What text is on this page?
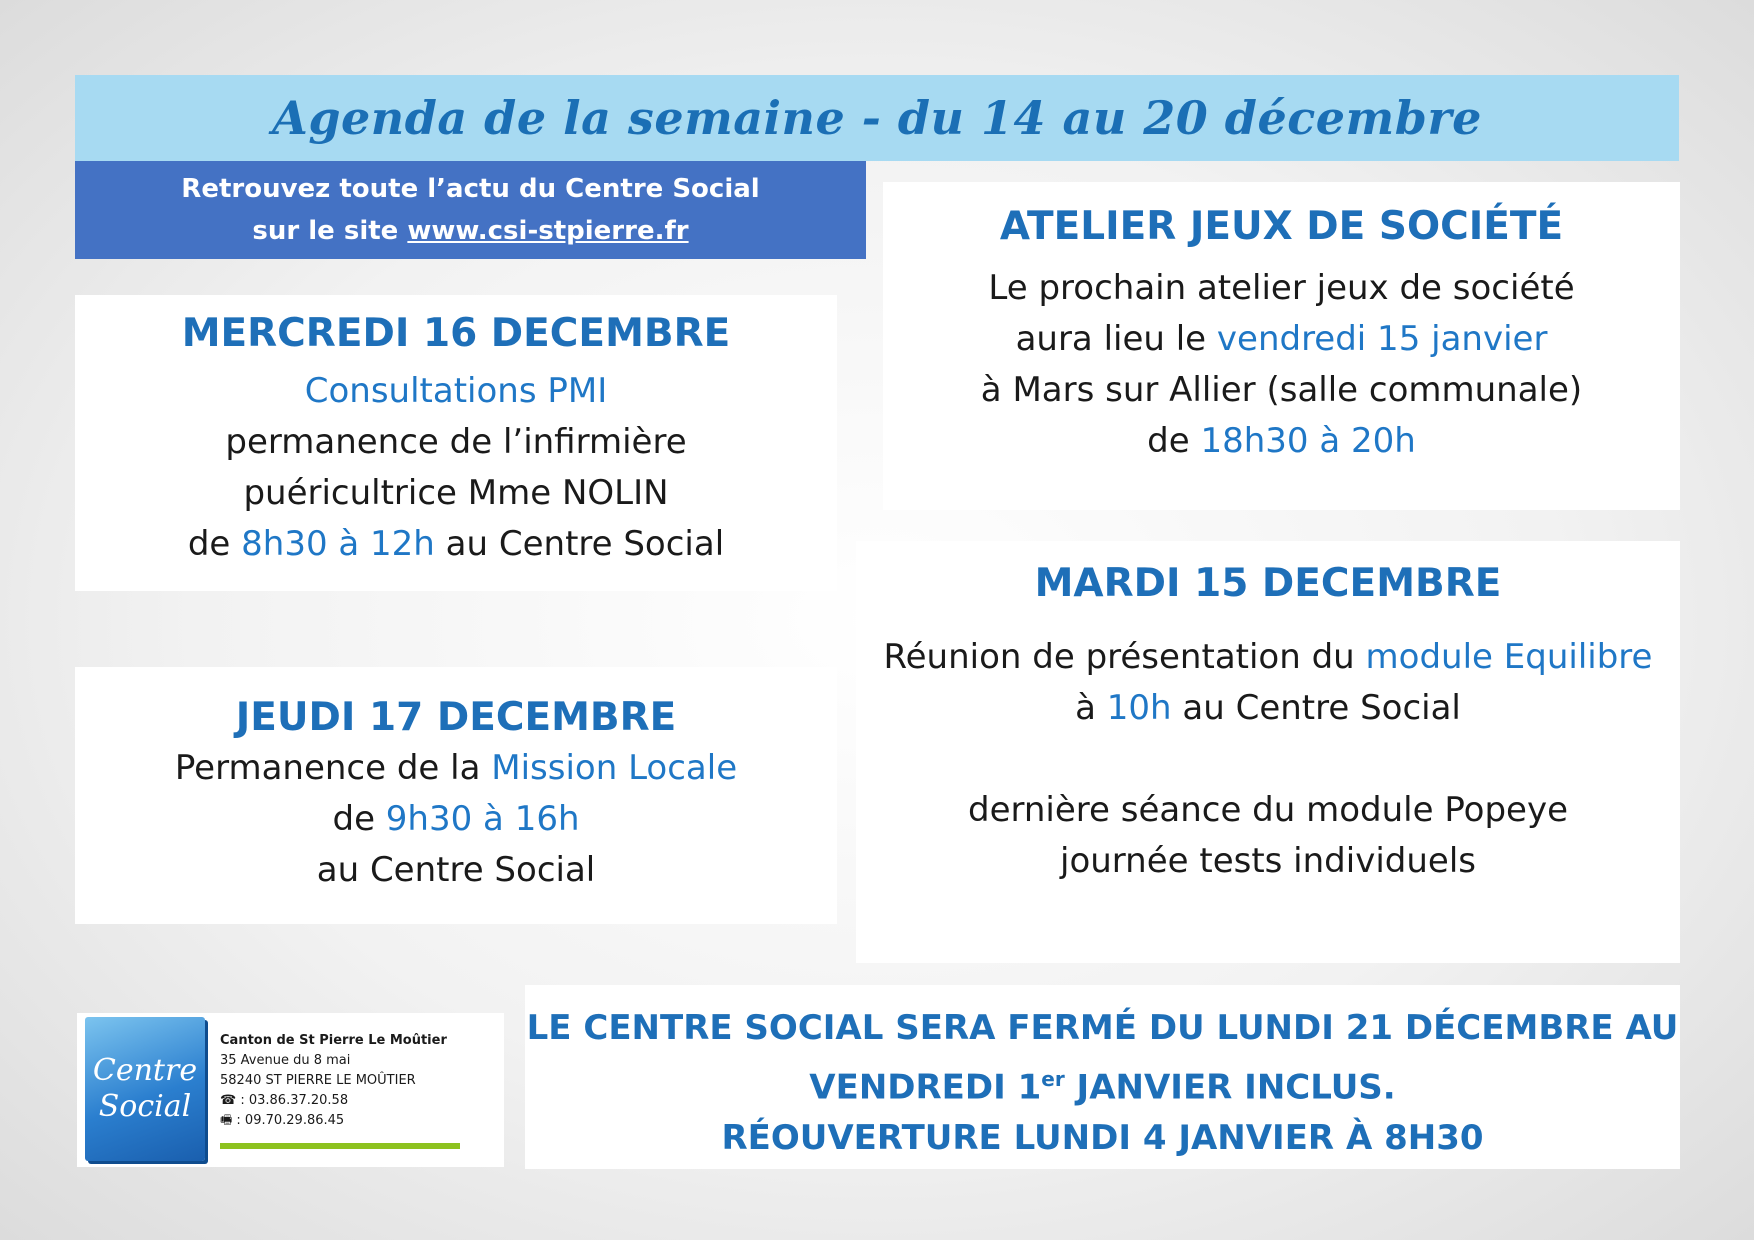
Agenda de la semaine - du 14 au 20 décembre
Retrouvez toute l’actu du Centre Social
sur le site www.csi-stpierre.fr
MERCREDI 16 DECEMBRE
Consultations PMI
permanence de l’infirmière
puéricultrice Mme NOLIN
de 8h30 à 12h au Centre Social
JEUDI 17 DECEMBRE
Permanence de la Mission Locale
de 9h30 à 16h
au Centre Social
ATELIER JEUX DE SOCIÉTÉ
Le prochain atelier jeux de société
aura lieu le vendredi 15 janvier
à Mars sur Allier (salle communale)
de 18h30 à 20h
MARDI 15 DECEMBRE
Réunion de présentation du module Equilibre
à 10h au Centre Social
dernière séance du module Popeye
journée tests individuels
Centre
Social
Canton de St Pierre Le Moûtier
35 Avenue du 8 mai
58240 ST PIERRE LE MOÛTIER
☎ : 03.86.37.20.58
🖷 : 09.70.29.86.45
LE CENTRE SOCIAL SERA FERMÉ DU LUNDI 21 DÉCEMBRE AU
VENDREDI 1er JANVIER INCLUS.
RÉOUVERTURE LUNDI 4 JANVIER À 8H30
